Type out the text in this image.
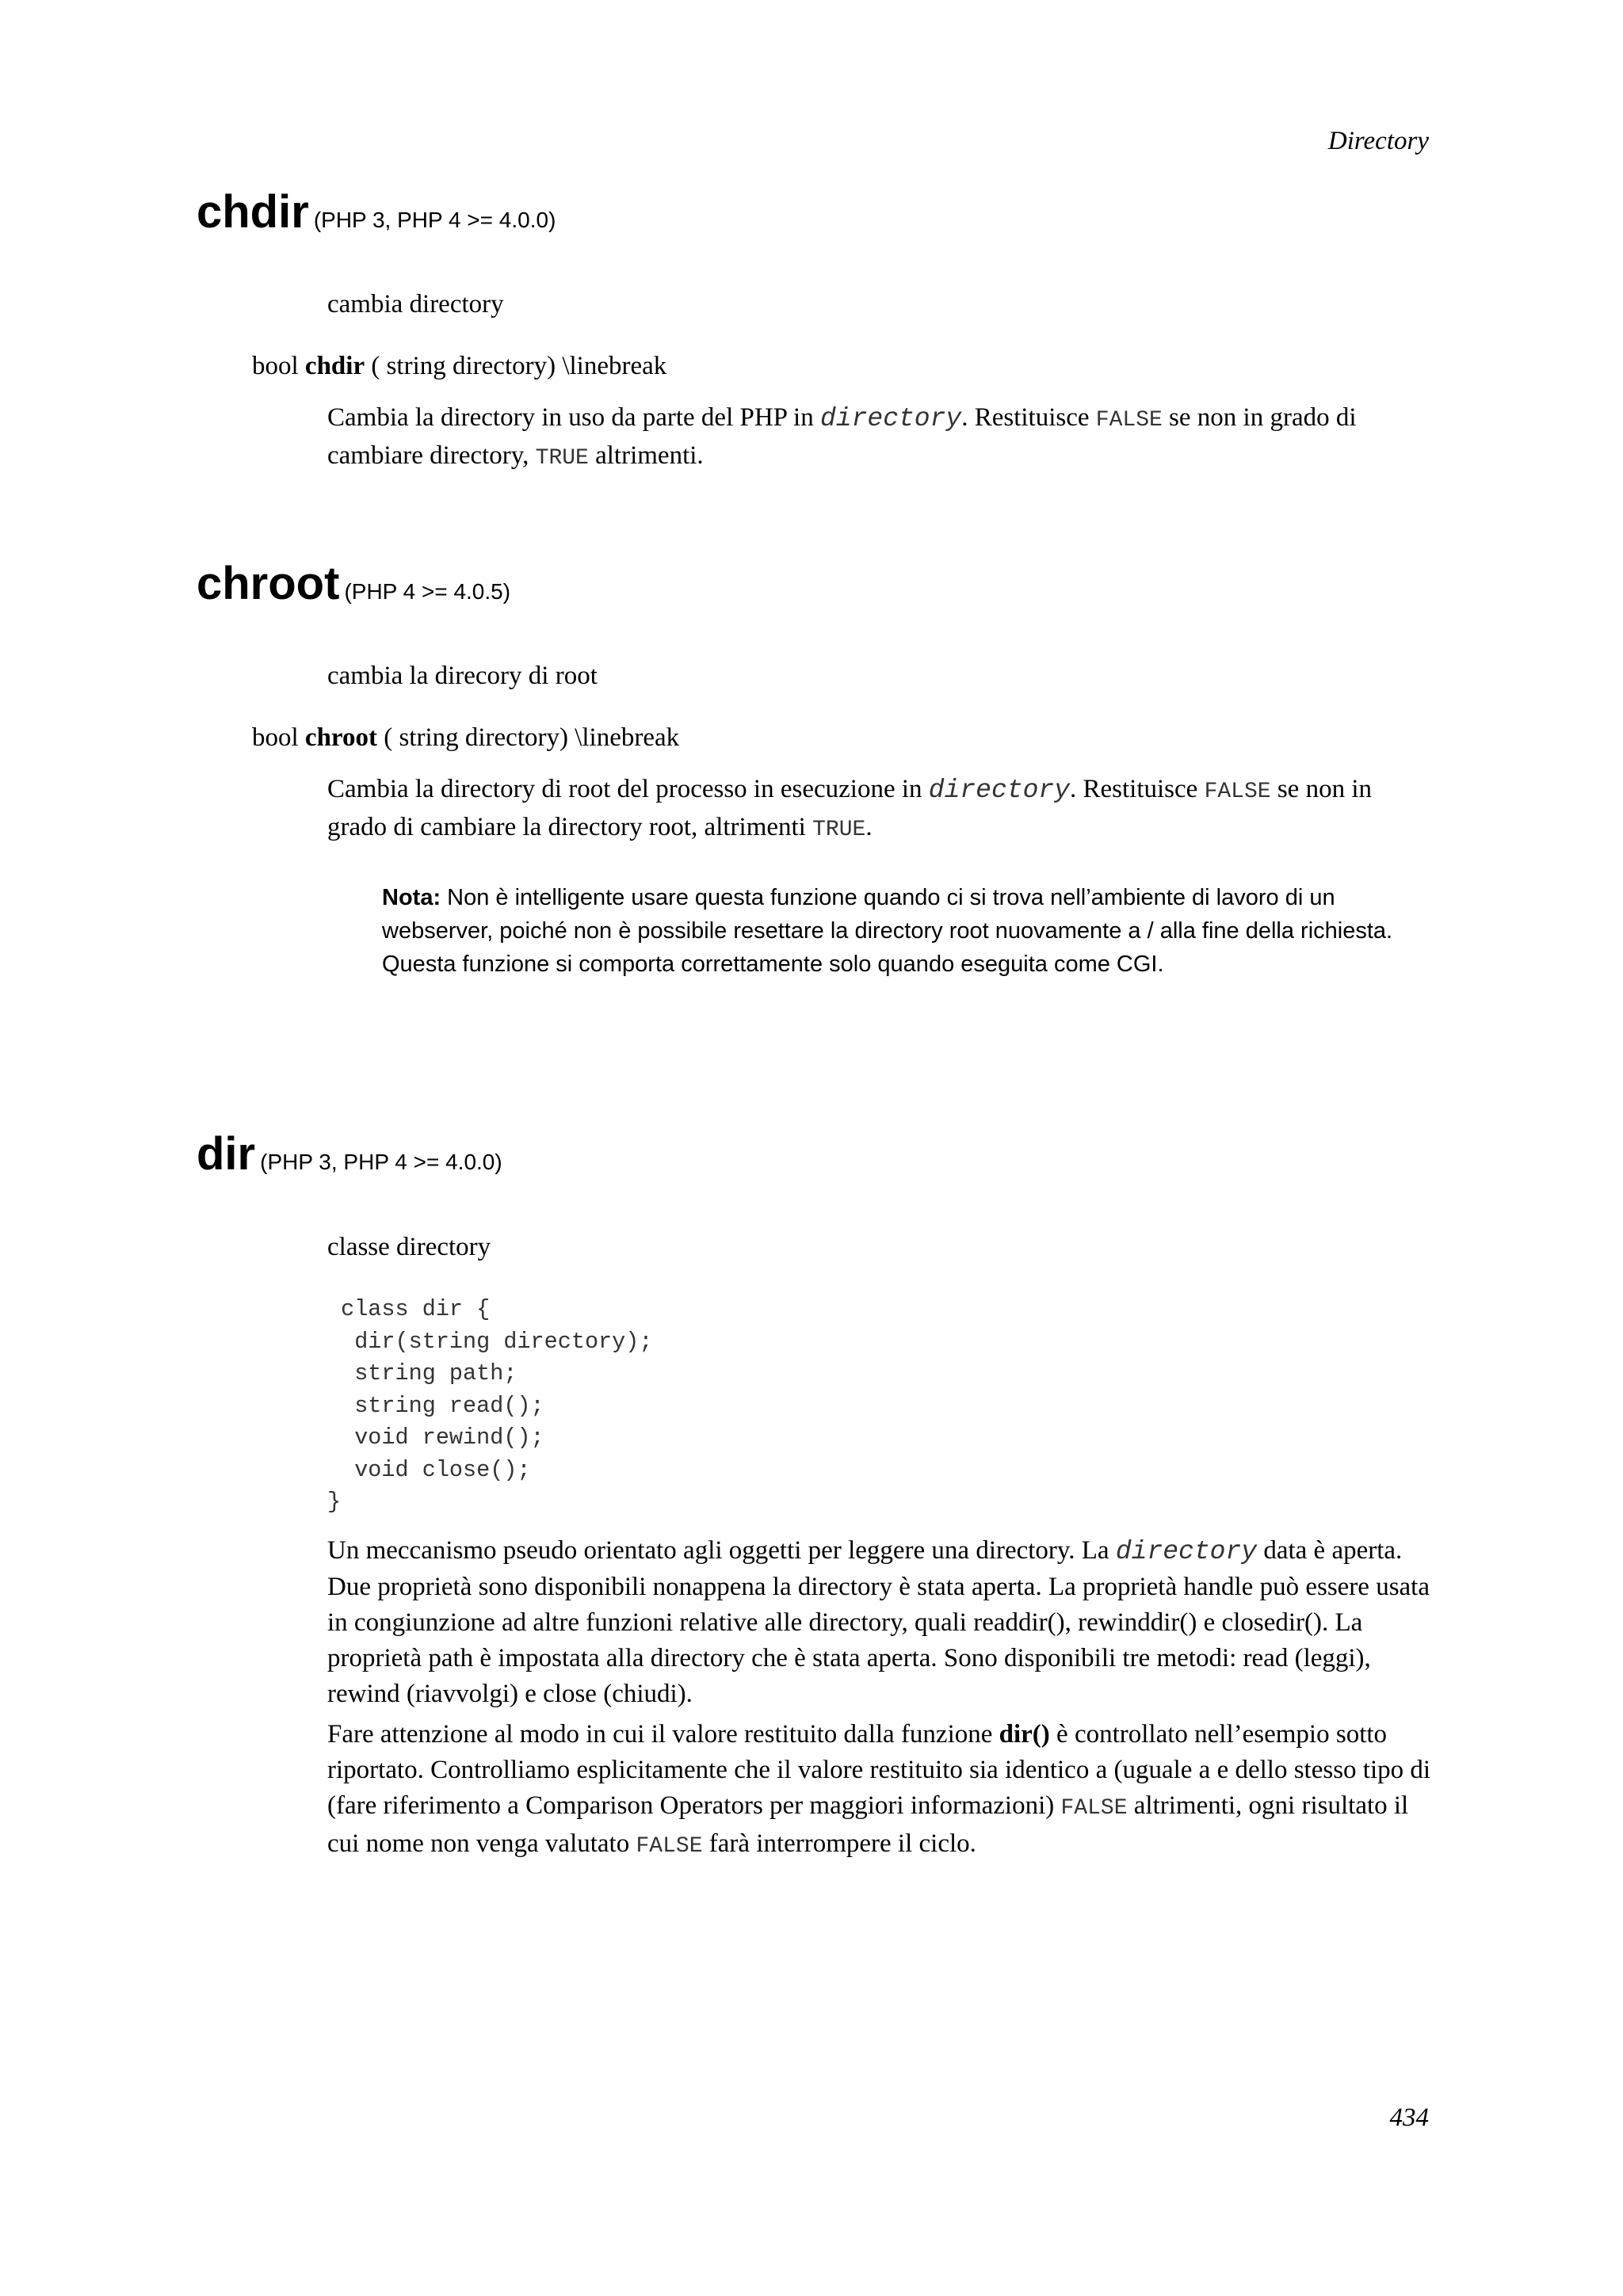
Directory
chdir (PHP 3, PHP 4 >= 4.0.0)
cambia directory
bool chdir ( string directory) \linebreak
Cambia la directory in uso da parte del PHP in directory. Restituisce FALSE se non in grado di cambiare directory, TRUE altrimenti.
chroot (PHP 4 >= 4.0.5)
cambia la direcory di root
bool chroot ( string directory) \linebreak
Cambia la directory di root del processo in esecuzione in directory. Restituisce FALSE se non in grado di cambiare la directory root, altrimenti TRUE.
Nota: Non è intelligente usare questa funzione quando ci si trova nell’ambiente di lavoro di un webserver, poiché non è possibile resettare la directory root nuovamente a / alla fine della richiesta. Questa funzione si comporta correttamente solo quando eseguita come CGI.
dir (PHP 3, PHP 4 >= 4.0.0)
classe directory
class dir {
dir(string directory);
string path;
string read();
void rewind();
void close();
}
Un meccanismo pseudo orientato agli oggetti per leggere una directory. La directory data è aperta. Due proprietà sono disponibili nonappena la directory è stata aperta. La proprietà handle può essere usata in congiunzione ad altre funzioni relative alle directory, quali readdir(), rewinddir() e closedir(). La proprietà path è impostata alla directory che è stata aperta. Sono disponibili tre metodi: read (leggi), rewind (riavvolgi) e close (chiudi).
Fare attenzione al modo in cui il valore restituito dalla funzione dir() è controllato nell’esempio sotto riportato. Controlliamo esplicitamente che il valore restituito sia identico a (uguale a e dello stesso tipo di (fare riferimento a Comparison Operators per maggiori informazioni) FALSE altrimenti, ogni risultato il cui nome non venga valutato FALSE farà interrompere il ciclo.
434
